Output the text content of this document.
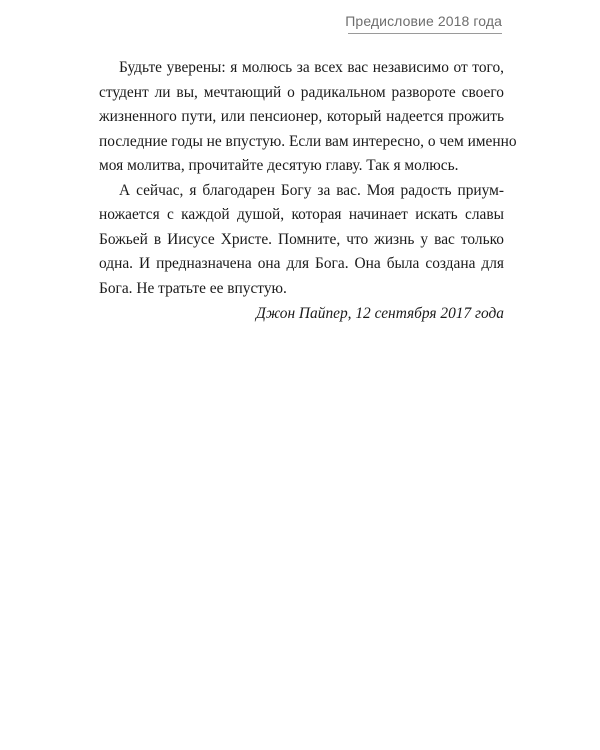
Предисловие 2018 года
Будьте уверены: я молюсь за всех вас независимо от того,
студент ли вы, мечтающий о радикальном развороте своего
жизненного пути, или пенсионер, который надеется прожить
последние годы не впустую. Если вам интересно, о чем именно
моя молитва, прочитайте десятую главу. Так я молюсь.
А сейчас, я благодарен Богу за вас. Моя радость приум-
ножается с каждой душой, которая начинает искать славы
Божьей в Иисусе Христе. Помните, что жизнь у вас только
одна. И предназначена она для Бога. Она была создана для
Бога. Не тратьте ее впустую.
Джон Пайпер, 12 сентября 2017 года
